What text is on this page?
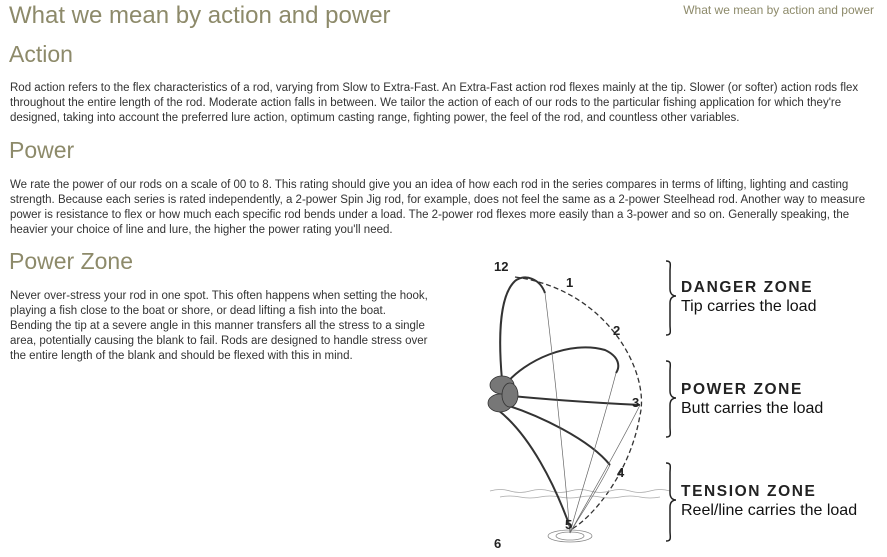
What we mean by action and power	What we mean by action and power
Action

Rod action refers to the flex characteristics of a rod, varying from Slow to Extra-Fast. An Extra-Fast action rod flexes mainly at the tip. Slower (or softer) action rods flex throughout the entire length of the rod. Moderate action falls in between. We tailor the action of each of our rods to the particular fishing application for which they're designed, taking into account the preferred lure action, optimum casting range, fighting power, the feel of the rod, and countless other variables.

Power

We rate the power of our rods on a scale of 00 to 8. This rating should give you an idea of how each rod in the series compares in terms of lifting, lighting and casting strength. Because each series is rated independently, a 2-power Spin Jig rod, for example, does not feel the same as a 2-power Steelhead rod. Another way to measure power is resistance to flex or how much each specific rod bends under a load. The 2-power rod flexes more easily than a 3-power and so on. Generally speaking, the heavier your choice of line and lure, the higher the power rating you'll need.

Power Zone

Never over-stress your rod in one spot. This often happens when setting the hook, playing a fish close to the boat or shore, or dead lifting a fish into the boat. Bending the tip at a severe angle in this manner transfers all the stress to a single area, potentially causing the blank to fail. Rods are designed to handle stress over the entire length of the blank and should be flexed with this in mind.

12
1
2
3
4
5
6
DANGER ZONE
Tip carries the load
POWER ZONE
Butt carries the load
TENSION ZONE
Reel/line carries the load
